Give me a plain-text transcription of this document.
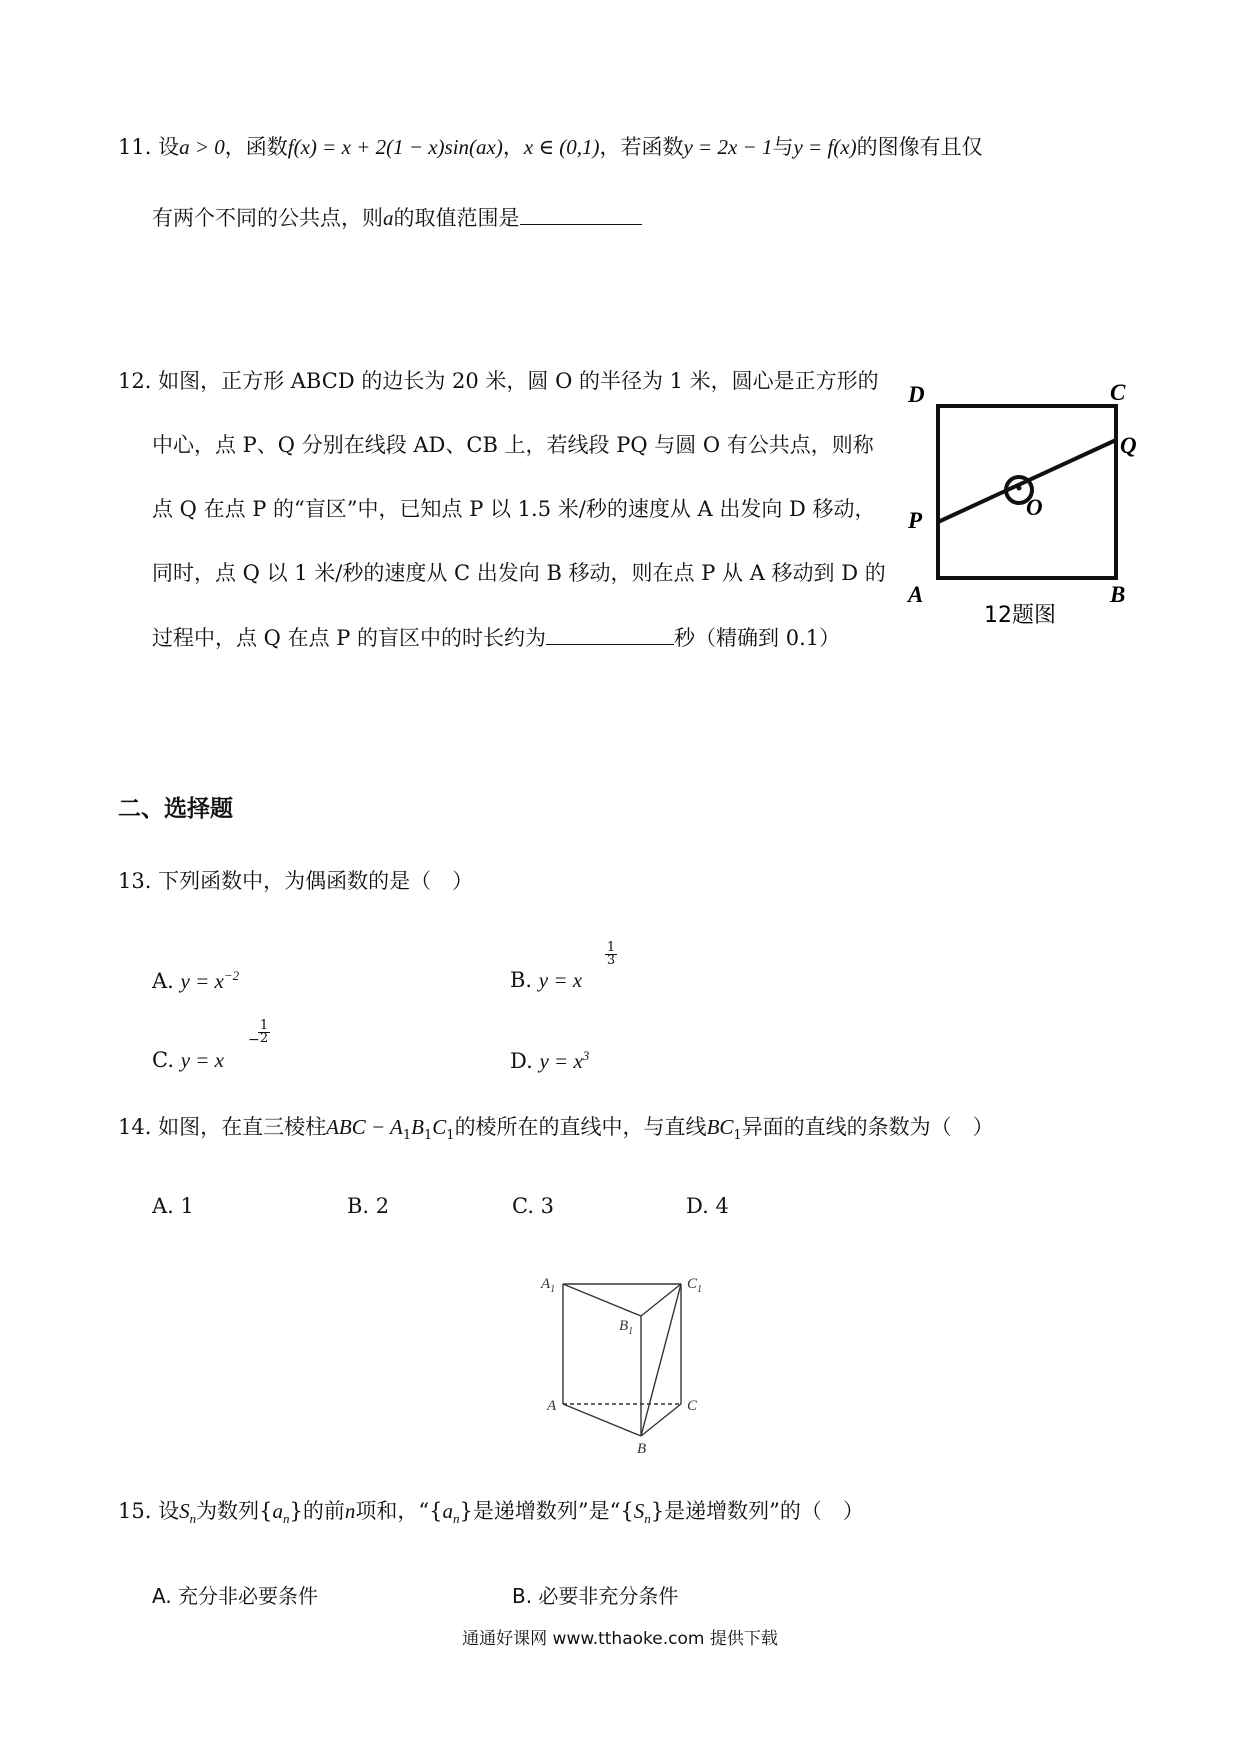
11. 设a > 0，函数f(x) = x + 2(1 − x)sin(ax)，x ∈ (0,1)，若函数y = 2x − 1与y = f(x)的图像有且仅
有两个不同的公共点，则a的取值范围是
12. 如图，正方形 ABCD 的边长为 20 米，圆 O 的半径为 1 米，圆心是正方形的
中心，点 P、Q 分别在线段 AD、CB 上，若线段 PQ 与圆 O 有公共点，则称
点 Q 在点 P 的“盲区”中，已知点 P 以 1.5 米/秒的速度从 A 出发向 D 移动，
同时，点 Q 以 1 米/秒的速度从 C 出发向 B 移动，则在点 P 从 A 移动到 D 的
过程中，点 Q 在点 P 的盲区中的时长约为	秒（精确到 0.1）
D	C
Q
P
O
A	B
12题图
二、选择题
13. 下列函数中，为偶函数的是（　）
A. $y = x^{-2}$	B. y = x
$\frac{1}{3}$
C. y = x
−
$\frac{1}{2}$
D. $y = x^3$
14. 如图，在直三棱柱ABC − $A_1B_1C_1$的棱所在的直线中，与直线$BC_1$异面的直线的条数为（　）
A. 1	B. 2	C. 3	D. 4
$A_1$	$C_1$
$B_1$
A	C
B
15. 设$S_n$为数列$\{a_n\}$的前n项和，“$\{a_n\}$是递增数列”是“$\{S_n\}$是递增数列”的（　）
A. 充分非必要条件	B. 必要非充分条件
通通好课网 www.tthaoke.com 提供下载
